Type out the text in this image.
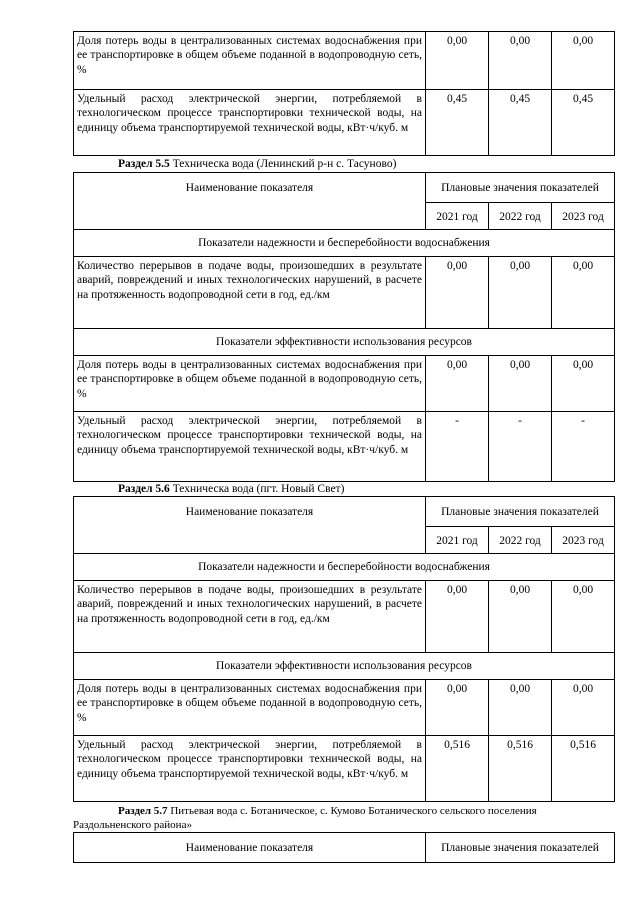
Доля потерь воды в централизованных системах водоснабжения при ее транспортировке в общем объеме поданной в водопроводную сеть, %	0,00	0,00	0,00
Удельный расход электрической энергии, потребляемой в технологическом процессе транспортировки технической воды, на единицу объема транспортируемой технической воды, кВт·ч/куб. м	0,45	0,45	0,45
Раздел 5.5 Техническа вода (Ленинский р-н с. Тасуново)
Наименование показателя	Плановые значения показателей		
	2021 год	2022 год	2023 год
Показатели надежности и бесперебойности водоснабжения			
Количество перерывов в подаче воды, произошедших в результате аварий, повреждений и иных технологических нарушений, в расчете на протяженность водопроводной сети в год, ед./км	0,00	0,00	0,00
Показатели эффективности использования ресурсов			
Доля потерь воды в централизованных системах водоснабжения при ее транспортировке в общем объеме поданной в водопроводную сеть, %	0,00	0,00	0,00
Удельный расход электрической энергии, потребляемой в технологическом процессе транспортировки технической воды, на единицу объема транспортируемой технической воды, кВт·ч/куб. м	-	-	-
Раздел 5.6 Техническа вода (пгт. Новый Свет)
Наименование показателя	Плановые значения показателей		
	2021 год	2022 год	2023 год
Показатели надежности и бесперебойности водоснабжения			
Количество перерывов в подаче воды, произошедших в результате аварий, повреждений и иных технологических нарушений, в расчете на протяженность водопроводной сети в год, ед./км	0,00	0,00	0,00
Показатели эффективности использования ресурсов			
Доля потерь воды в централизованных системах водоснабжения при ее транспортировке в общем объеме поданной в водопроводную сеть, %	0,00	0,00	0,00
Удельный расход электрической энергии, потребляемой в технологическом процессе транспортировки технической воды, на единицу объема транспортируемой технической воды, кВт·ч/куб. м	0,516	0,516	0,516
Раздел 5.7 Питьевая вода с. Ботаническое, с. Кумово Ботанического сельского поселения
Раздольненского района»
Наименование показателя	Плановые значения показателей
